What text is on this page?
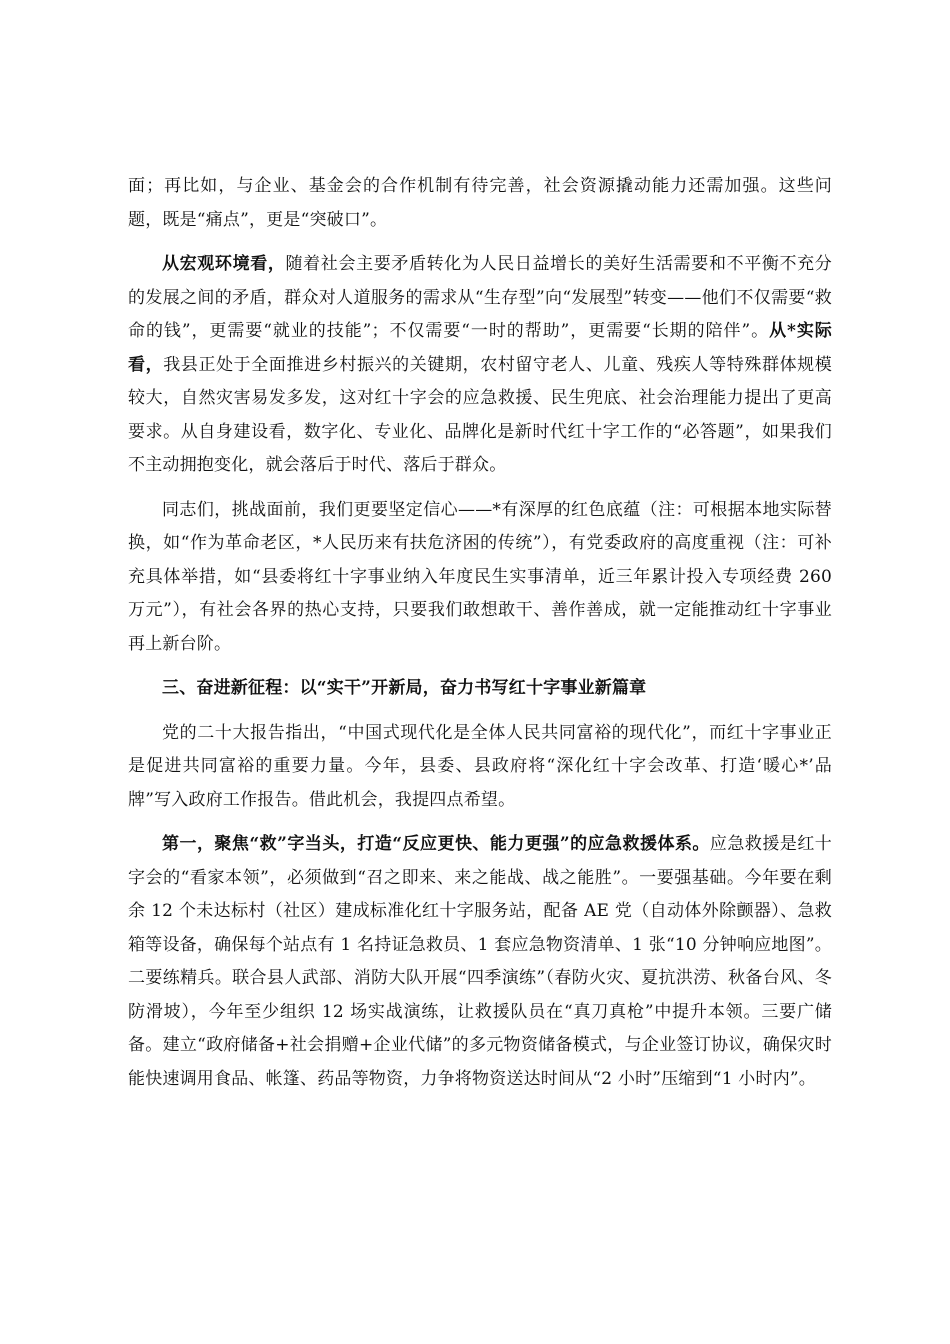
面；再比如，与企业、基金会的合作机制有待完善，社会资源撬动能力还需加强。这些问题，既是“痛点”，更是“突破口”。

从宏观环境看，随着社会主要矛盾转化为人民日益增长的美好生活需要和不平衡不充分的发展之间的矛盾，群众对人道服务的需求从“生存型”向“发展型”转变——他们不仅需要“救命的钱”，更需要“就业的技能”；不仅需要“一时的帮助”，更需要“长期的陪伴”。从*实际看，我县正处于全面推进乡村振兴的关键期，农村留守老人、儿童、残疾人等特殊群体规模较大，自然灾害易发多发，这对红十字会的应急救援、民生兜底、社会治理能力提出了更高要求。从自身建设看，数字化、专业化、品牌化是新时代红十字工作的“必答题”，如果我们不主动拥抱变化，就会落后于时代、落后于群众。

同志们，挑战面前，我们更要坚定信心——*有深厚的红色底蕴（注：可根据本地实际替换，如“作为革命老区，*人民历来有扶危济困的传统”），有党委政府的高度重视（注：可补充具体举措，如“县委将红十字事业纳入年度民生实事清单，近三年累计投入专项经费 260 万元”），有社会各界的热心支持，只要我们敢想敢干、善作善成，就一定能推动红十字事业再上新台阶。

三、奋进新征程：以“实干”开新局，奋力书写红十字事业新篇章

党的二十大报告指出，“中国式现代化是全体人民共同富裕的现代化”，而红十字事业正是促进共同富裕的重要力量。今年，县委、县政府将“深化红十字会改革、打造‘暖心*’品牌”写入政府工作报告。借此机会，我提四点希望。

第一，聚焦“救”字当头，打造“反应更快、能力更强”的应急救援体系。应急救援是红十字会的“看家本领”，必须做到“召之即来、来之能战、战之能胜”。一要强基础。今年要在剩余 12 个未达标村（社区）建成标准化红十字服务站，配备 AE 党（自动体外除颤器）、急救箱等设备，确保每个站点有 1 名持证急救员、1 套应急物资清单、1 张“10 分钟响应地图”。二要练精兵。联合县人武部、消防大队开展“四季演练”（春防火灾、夏抗洪涝、秋备台风、冬防滑坡），今年至少组织 12 场实战演练，让救援队员在“真刀真枪”中提升本领。三要广储备。建立“政府储备+社会捐赠+企业代储”的多元物资储备模式，与企业签订协议，确保灾时能快速调用食品、帐篷、药品等物资，力争将物资送达时间从“2 小时”压缩到“1 小时内”。
